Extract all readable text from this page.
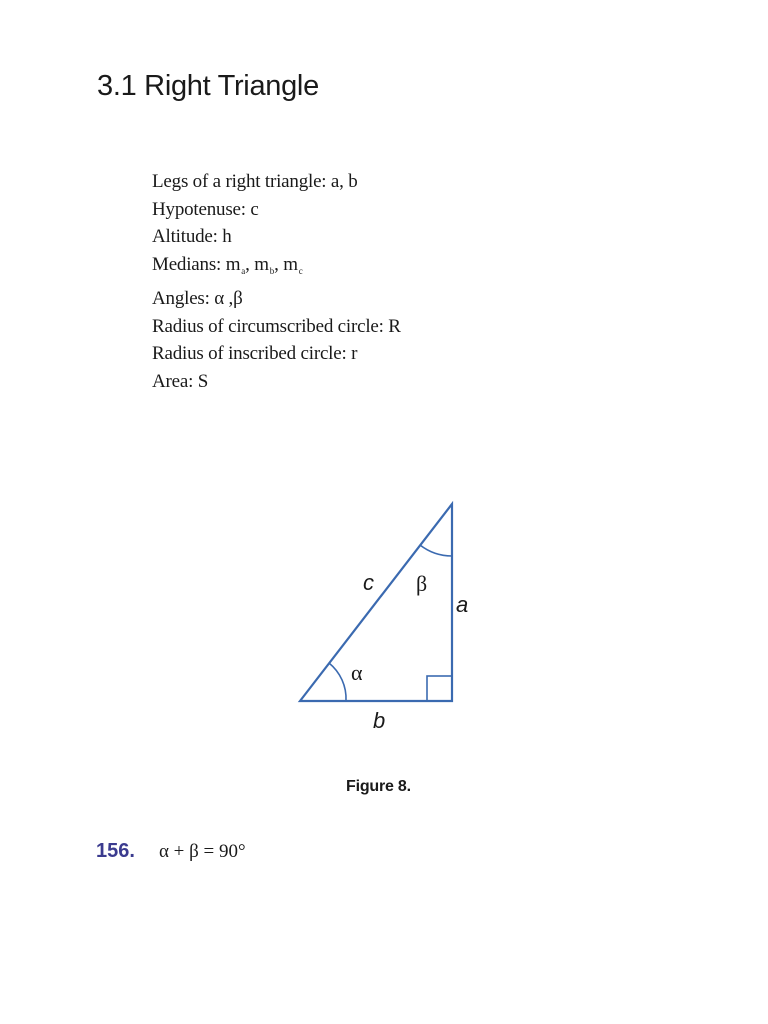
3.1 Right Triangle
Legs of a right triangle: a, b
Hypotenuse: c
Altitude: h
Medians: $m_a$, $m_b$, $m_c$
Angles: α ,β
Radius of circumscribed circle: R
Radius of inscribed circle: r
Area: S
c β
a
α
b
Figure 8.
156. α + β = 90°
